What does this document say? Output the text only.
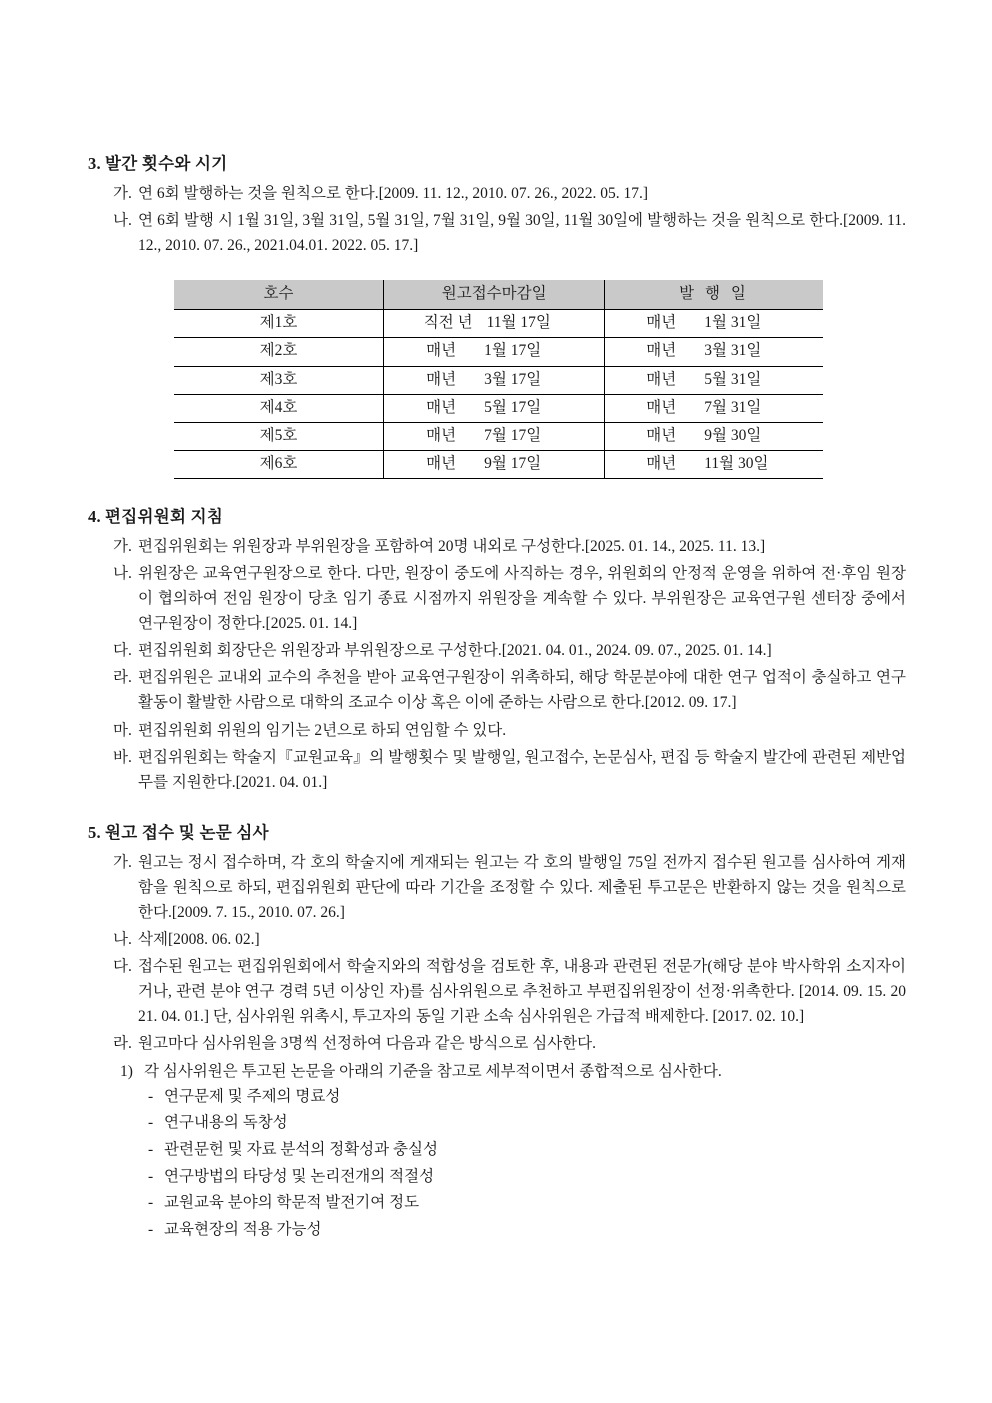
3. 발간 횟수와 시기
가. 연 6회 발행하는 것을 원칙으로 한다.[2009. 11. 12., 2010. 07. 26., 2022. 05. 17.]
나. 연 6회 발행 시 1월 31일, 3월 31일, 5월 31일, 7월 31일, 9월 30일, 11월 30일에 발행하는 것을 원칙으로 한다.[2009. 11. 12., 2010. 07. 26., 2021.04.01. 2022. 05. 17.]
호수	원고접수마감일	발 행 일
제1호	직전 년 11월 17일	매년 1월 31일
제2호	매년 1월 17일	매년 3월 31일
제3호	매년 3월 17일	매년 5월 31일
제4호	매년 5월 17일	매년 7월 31일
제5호	매년 7월 17일	매년 9월 30일
제6호	매년 9월 17일	매년 11월 30일
4. 편집위원회 지침
가. 편집위원회는 위원장과 부위원장을 포함하여 20명 내외로 구성한다.[2025. 01. 14., 2025. 11. 13.]
나. 위원장은 교육연구원장으로 한다. 다만, 원장이 중도에 사직하는 경우, 위원회의 안정적 운영을 위하여 전·후임 원장이 협의하여 전임 원장이 당초 임기 종료 시점까지 위원장을 계속할 수 있다. 부위원장은 교육연구원 센터장 중에서 연구원장이 정한다.[2025. 01. 14.]
다. 편집위원회 회장단은 위원장과 부위원장으로 구성한다.[2021. 04. 01., 2024. 09. 07., 2025. 01. 14.]
라. 편집위원은 교내외 교수의 추천을 받아 교육연구원장이 위촉하되, 해당 학문분야에 대한 연구 업적이 충실하고 연구 활동이 활발한 사람으로 대학의 조교수 이상 혹은 이에 준하는 사람으로 한다.[2012. 09. 17.]
마. 편집위원회 위원의 임기는 2년으로 하되 연임할 수 있다.
바. 편집위원회는 학술지『교원교육』의 발행횟수 및 발행일, 원고접수, 논문심사, 편집 등 학술지 발간에 관련된 제반업무를 지원한다.[2021. 04. 01.]
5. 원고 접수 및 논문 심사
가. 원고는 정시 접수하며, 각 호의 학술지에 게재되는 원고는 각 호의 발행일 75일 전까지 접수된 원고를 심사하여 게재함을 원칙으로 하되, 편집위원회 판단에 따라 기간을 조정할 수 있다. 제출된 투고문은 반환하지 않는 것을 원칙으로 한다.[2009. 7. 15., 2010. 07. 26.]
나. 삭제[2008. 06. 02.]
다. 접수된 원고는 편집위원회에서 학술지와의 적합성을 검토한 후, 내용과 관련된 전문가(해당 분야 박사학위 소지자이거나, 관련 분야 연구 경력 5년 이상인 자)를 심사위원으로 추천하고 부편집위원장이 선정·위촉한다. [2014. 09. 15. 2021. 04. 01.] 단, 심사위원 위촉시, 투고자의 동일 기관 소속 심사위원은 가급적 배제한다. [2017. 02. 10.]
라. 원고마다 심사위원을 3명씩 선정하여 다음과 같은 방식으로 심사한다.
1) 각 심사위원은 투고된 논문을 아래의 기준을 참고로 세부적이면서 종합적으로 심사한다.
- 연구문제 및 주제의 명료성
- 연구내용의 독창성
- 관련문헌 및 자료 분석의 정확성과 충실성
- 연구방법의 타당성 및 논리전개의 적절성
- 교원교육 분야의 학문적 발전기여 정도
- 교육현장의 적용 가능성
